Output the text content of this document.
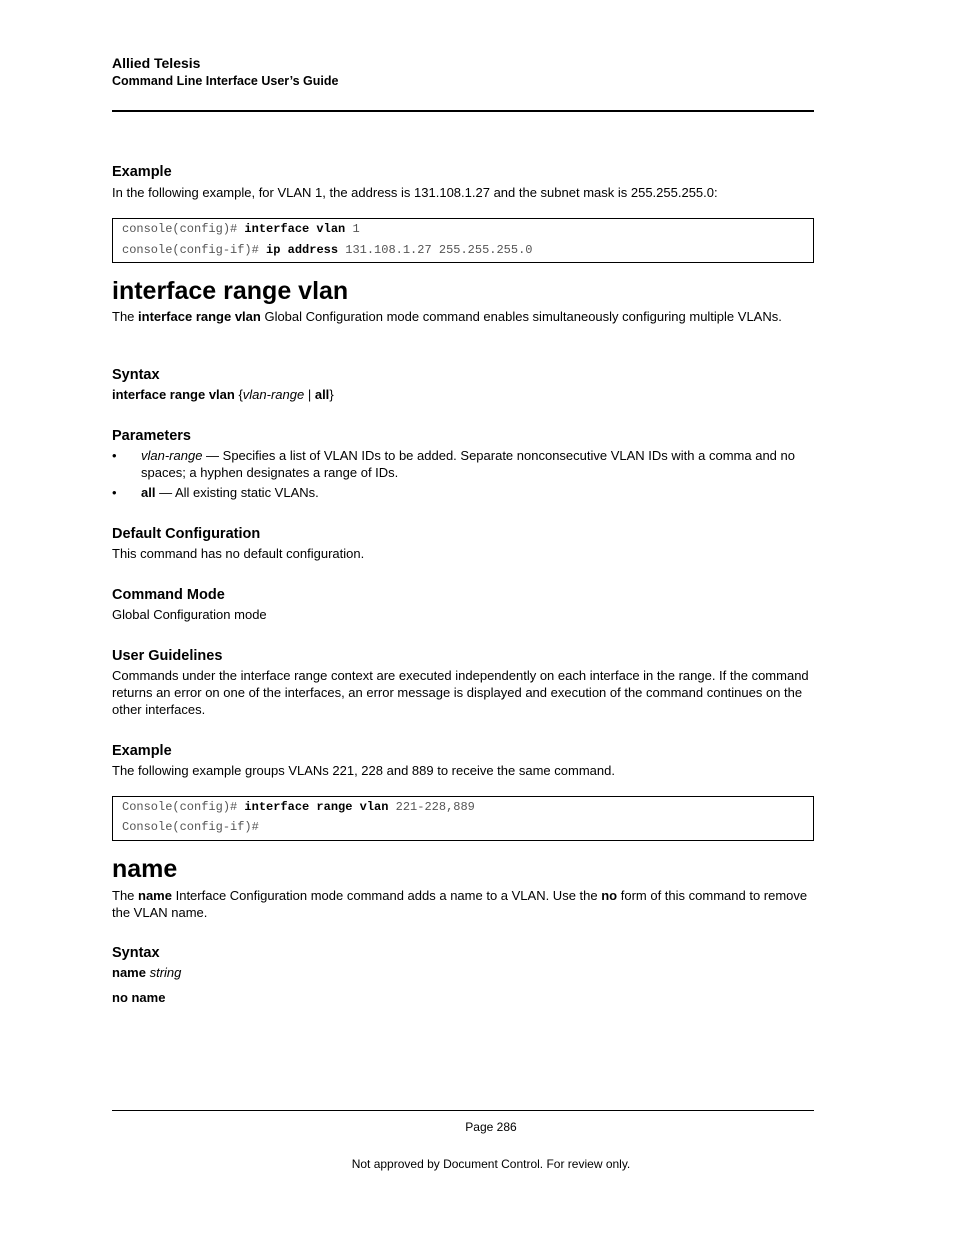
Allied Telesis
Command Line Interface User’s Guide
Example

In the following example, for VLAN 1, the address is 131.108.1.27 and the subnet mask is 255.255.255.0:

console(config)# interface vlan 1
console(config-if)# ip address 131.108.1.27 255.255.255.0
interface range vlan

The interface range vlan Global Configuration mode command enables simultaneously configuring multiple VLANs.

Syntax

interface range vlan {vlan-range | all}

Parameters
• vlan-range — Specifies a list of VLAN IDs to be added. Separate nonconsecutive VLAN IDs with a comma and no spaces; a hyphen designates a range of IDs.
• all — All existing static VLANs.
Default Configuration

This command has no default configuration.

Command Mode

Global Configuration mode

User Guidelines

Commands under the interface range context are executed independently on each interface in the range. If the command returns an error on one of the interfaces, an error message is displayed and execution of the command continues on the other interfaces.

Example

The following example groups VLANs 221, 228 and 889 to receive the same command.

Console(config)# interface range vlan 221-228,889
Console(config-if)#
name

The name Interface Configuration mode command adds a name to a VLAN. Use the no form of this command to remove the VLAN name.

Syntax

name string

no name

Page 286
Not approved by Document Control. For review only.
